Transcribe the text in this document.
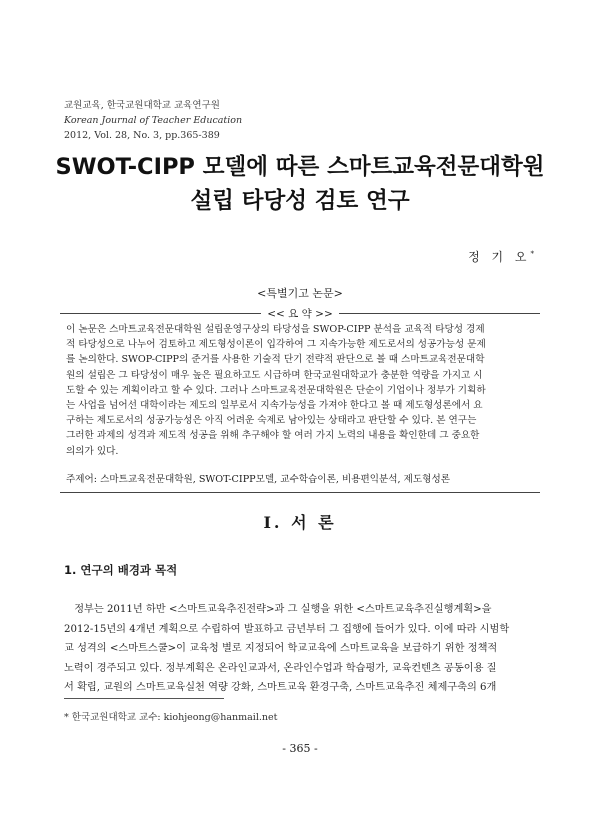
교원교육, 한국교원대학교 교육연구원
Korean Journal of Teacher Education
2012, Vol. 28, No. 3, pp.365-389
SWOT-CIPP 모델에 따른 스마트교육전문대학원
설립 타당성 검토 연구
정 기 오*
<특별기고 논문>
<< 요 약 >>
이 논문은 스마트교육전문대학원 설립운영구상의 타당성을 SWOP-CIPP 분석을 교육적 타당성 경제
적 타당성으로 나누어 검토하고 제도형성이론이 입각하여 그 지속가능한 제도로서의 성공가능성 문제
를 논의한다. SWOP-CIPP의 준거를 사용한 기술적 단기 전략적 판단으로 볼 때 스마트교육전문대학
원의 설립은 그 타당성이 매우 높은 필요하고도 시급하며 한국교원대학교가 충분한 역량을 가지고 시
도할 수 있는 계획이라고 할 수 있다. 그러나 스마트교육전문대학원은 단순이 기업이나 정부가 기획하
는 사업을 넘어선 대학이라는 제도의 일부로서 지속가능성을 가져야 한다고 볼 때 제도형성론에서 요
구하는 제도로서의 성공가능성은 아직 어려운 숙제로 남아있는 상태라고 판단할 수 있다. 본 연구는
그러한 과제의 성격과 제도적 성공을 위해 추구해야 할 여러 가지 노력의 내용을 확인한데 그 중요한
의의가 있다.
주제어: 스마트교육전문대학원, SWOT-CIPP모델, 교수학습이론, 비용편익분석, 제도형성론
Ⅰ. 서 론
1. 연구의 배경과 목적
정부는 2011년 하반 <스마트교육추진전략>과 그 실행을 위한 <스마트교육추진실행계획>을
2012-15년의 4개년 계획으로 수립하여 발표하고 금년부터 그 집행에 들어가 있다. 이에 따라 시범학
교 성격의 <스마트스쿨>이 교육청 별로 지정되어 학교교육에 스마트교육을 보급하기 위한 정책적
노력이 경주되고 있다. 정부계획은 온라인교과서, 온라인수업과 학습평가, 교육컨텐츠 공동이용 질
서 확립, 교원의 스마트교육실천 역량 강화, 스마트교육 환경구축, 스마트교육추진 체제구축의 6개
* 한국교원대학교 교수: kiohjeong@hanmail.net
- 365 -
